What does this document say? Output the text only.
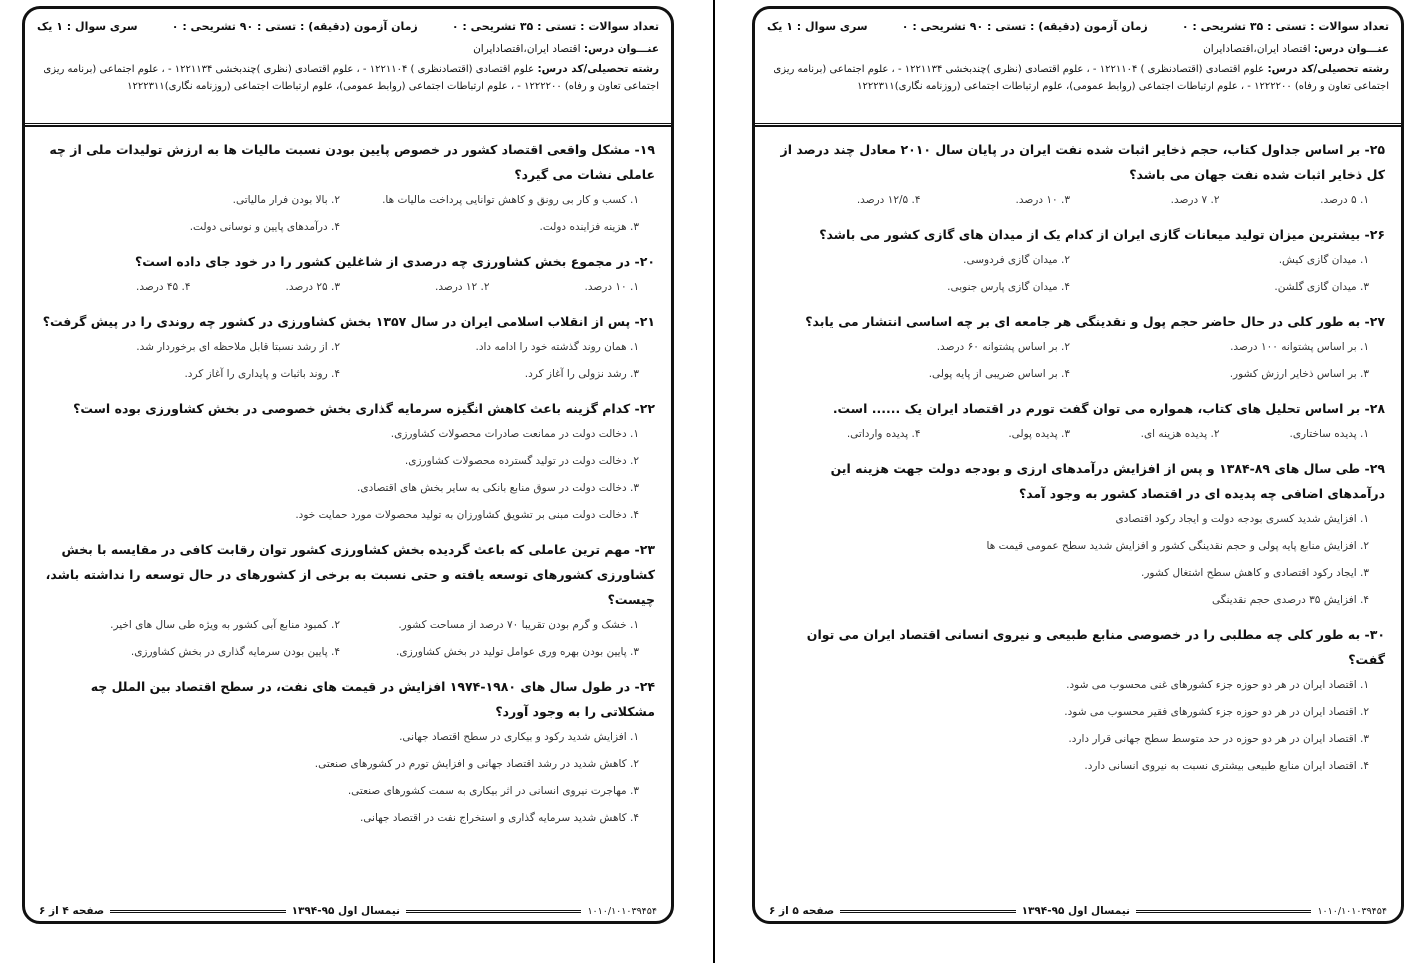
تعداد سوالات : تستی : ۳۵ تشریحی : ۰
زمان آزمون (دقیقه) : تستی : ۹۰ تشریحی : ۰
سری سوال : ۱ یک
عنـــوان درس: اقتصاد ایران،اقتصادایران
رشته تحصیلی/کد درس: علوم اقتصادی (اقتصادنظری ) ۱۲۲۱۱۰۴ - ، علوم اقتصادی (نظری )چندبخشی ۱۲۲۱۱۳۴ - ، علوم اجتماعی (برنامه ریزی اجتماعی تعاون و رفاه) ۱۲۲۲۲۰۰ - ، علوم ارتباطات اجتماعی (روابط عمومی)، علوم ارتباطات اجتماعی (روزنامه نگاری)۱۲۲۲۳۱۱
۱۹- مشکل واقعی اقتصاد کشور در خصوص پایین بودن نسبت مالیات ها به ارزش تولیدات ملی از چه عاملی نشات می گیرد؟
۱. کسب و کار بی رونق و کاهش توانایی پرداخت مالیات ها.
۲. بالا بودن فرار مالیاتی.
۳. هزینه فزاینده دولت.
۴. درآمدهای پایین و نوسانی دولت.
۲۰- در مجموع بخش کشاورزی چه درصدی از شاغلین کشور را در خود جای داده است؟
۱. ۱۰ درصد.
۲. ۱۲ درصد.
۳. ۲۵ درصد.
۴. ۴۵ درصد.
۲۱- پس از انقلاب اسلامی ایران در سال ۱۳۵۷ بخش کشاورزی در کشور چه روندی را در پیش گرفت؟
۱. همان روند گذشته خود را ادامه داد.
۲. از رشد نسبتا قابل ملاحظه ای برخوردار شد.
۳. رشد نزولی را آغاز کرد.
۴. روند باثبات و پایداری را آغاز کرد.
۲۲- کدام گزینه باعث کاهش انگیزه سرمایه گذاری بخش خصوصی در بخش کشاورزی بوده است؟
۱. دخالت دولت در ممانعت صادرات محصولات کشاورزی.
۲. دخالت دولت در تولید گسترده محصولات کشاورزی.
۳. دخالت دولت در سوق منابع بانکی به سایر بخش های اقتصادی.
۴. دخالت دولت مبنی بر تشویق کشاورزان به تولید محصولات مورد حمایت خود.
۲۳- مهم ترین عاملی که باعث گردیده بخش کشاورزی کشور توان رقابت کافی در مقایسه با بخش کشاورزی کشورهای توسعه یافته و حتی نسبت به برخی از کشورهای در حال توسعه را نداشته باشد، چیست؟
۱. خشک و گرم بودن تقریبا ۷۰ درصد از مساحت کشور.
۲. کمبود منابع آبی کشور به ویژه طی سال های اخیر.
۳. پایین بودن بهره وری عوامل تولید در بخش کشاورزی.
۴. پایین بودن سرمایه گذاری در بخش کشاورزی.
۲۴- در طول سال های ۱۹۸۰-۱۹۷۴ افزایش در قیمت های نفت، در سطح اقتصاد بین الملل چه مشکلاتی را به وجود آورد؟
۱. افزایش شدید رکود و بیکاری در سطح اقتصاد جهانی.
۲. کاهش شدید در رشد اقتصاد جهانی و افزایش تورم در کشورهای صنعتی.
۳. مهاجرت نیروی انسانی در اثر بیکاری به سمت کشورهای صنعتی.
۴. کاهش شدید سرمایه گذاری و استخراج نفت در اقتصاد جهانی.
۱۰۱۰/۱۰۱۰۳۹۴۵۴
نیمسال اول ۹۵-۱۳۹۴
صفحه ۴ از ۶
تعداد سوالات : تستی : ۳۵ تشریحی : ۰
زمان آزمون (دقیقه) : تستی : ۹۰ تشریحی : ۰
سری سوال : ۱ یک
عنـــوان درس: اقتصاد ایران،اقتصادایران
رشته تحصیلی/کد درس: علوم اقتصادی (اقتصادنظری ) ۱۲۲۱۱۰۴ - ، علوم اقتصادی (نظری )چندبخشی ۱۲۲۱۱۳۴ - ، علوم اجتماعی (برنامه ریزی اجتماعی تعاون و رفاه) ۱۲۲۲۲۰۰ - ، علوم ارتباطات اجتماعی (روابط عمومی)، علوم ارتباطات اجتماعی (روزنامه نگاری)۱۲۲۲۳۱۱
۲۵- بر اساس جداول کتاب، حجم ذخایر اثبات شده نفت ایران در پایان سال ۲۰۱۰ معادل چند درصد از کل ذخایر اثبات شده نفت جهان می باشد؟
۱. ۵ درصد.
۲. ۷ درصد.
۳. ۱۰ درصد.
۴. ۱۲/۵ درصد.
۲۶- بیشترین میزان تولید میعانات گازی ایران از کدام یک از میدان های گازی کشور می باشد؟
۱. میدان گازی کیش.
۲. میدان گازی فردوسی.
۳. میدان گازی گلشن.
۴. میدان گازی پارس جنوبی.
۲۷- به طور کلی در حال حاضر حجم پول و نقدینگی هر جامعه ای بر چه اساسی انتشار می یابد؟
۱. بر اساس پشتوانه ۱۰۰ درصد.
۲. بر اساس پشتوانه ۶۰ درصد.
۳. بر اساس ذخایر ارزش کشور.
۴. بر اساس ضریبی از پایه پولی.
۲۸- بر اساس تحلیل های کتاب، همواره می توان گفت تورم در اقتصاد ایران یک ...... است.
۱. پدیده ساختاری.
۲. پدیده هزینه ای.
۳. پدیده پولی.
۴. پدیده وارداتی.
۲۹- طی سال های ۸۹-۱۳۸۴ و پس از افزایش درآمدهای ارزی و بودجه دولت جهت هزینه این درآمدهای اضافی چه پدیده ای در اقتصاد کشور به وجود آمد؟
۱. افزایش شدید کسری بودجه دولت و ایجاد رکود اقتصادی
۲. افزایش منابع پایه پولی و حجم نقدینگی کشور و افزایش شدید سطح عمومی قیمت ها
۳. ایجاد رکود اقتصادی و کاهش سطح اشتغال کشور.
۴. افزایش ۳۵ درصدی حجم نقدینگی
۳۰- به طور کلی چه مطلبی را در خصوصی منابع طبیعی و نیروی انسانی اقتصاد ایران می توان گفت؟
۱. اقتصاد ایران در هر دو حوزه جزء کشورهای غنی محسوب می شود.
۲. اقتصاد ایران در هر دو حوزه جزء کشورهای فقیر محسوب می شود.
۳. اقتصاد ایران در هر دو حوزه در حد متوسط سطح جهانی قرار دارد.
۴. اقتصاد ایران منابع طبیعی بیشتری نسبت به نیروی انسانی دارد.
۱۰۱۰/۱۰۱۰۳۹۴۵۴
نیمسال اول ۹۵-۱۳۹۴
صفحه ۵ از ۶
